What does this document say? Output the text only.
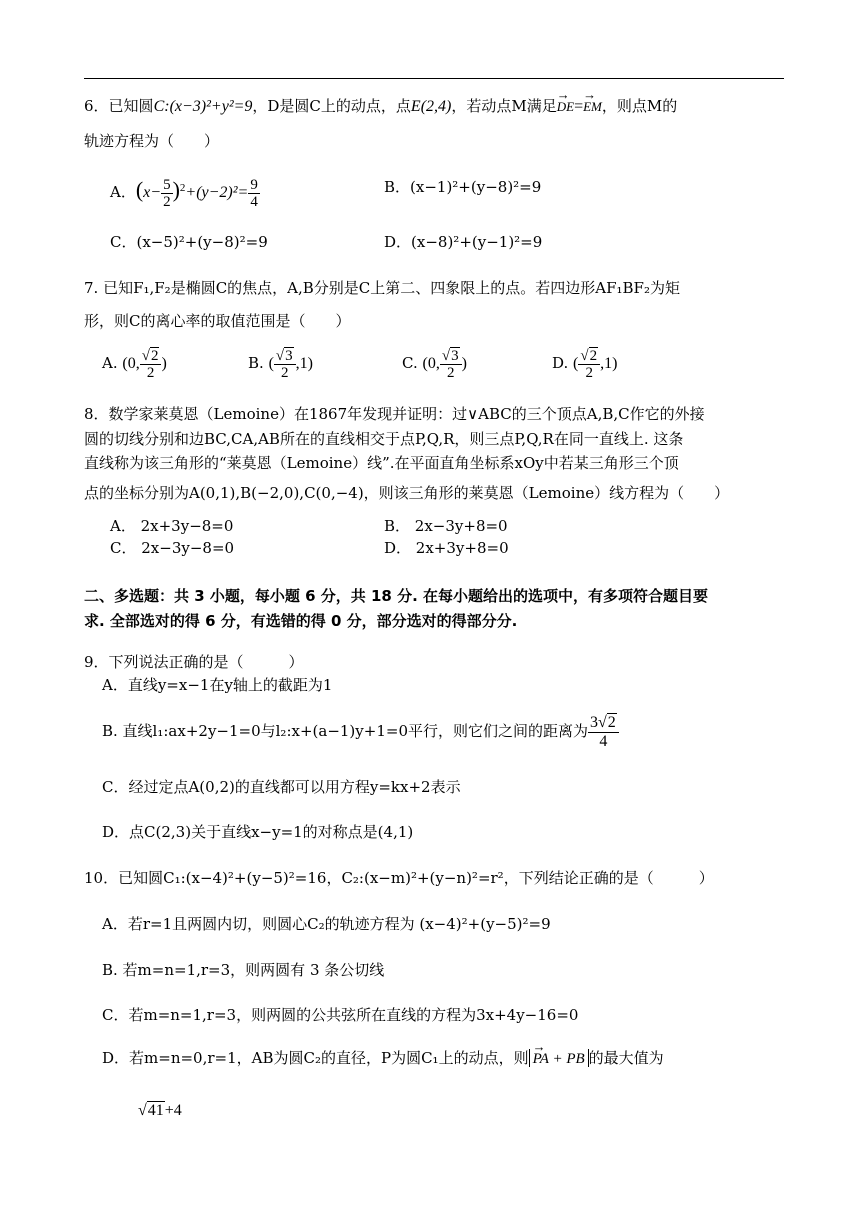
6．已知圆C:(x−3)²+y²=9，D是圆C上的动点，点E(2,4)，若动点M满足→ DE=→ EM，则点M的
轨迹方程为（　　）
A．$(x- \frac{5}{2} )^2+(y-2)^2= \frac{9}{4}$	B．(x−1)²+(y−8)²=9
C．(x−5)²+(y−8)²=9	D．(x−8)²+(y−1)²=9
7. 已知F₁,F₂是椭圆C的焦点，A,B分别是C上第二、四象限上的点。若四边形AF₁BF₂为矩
形，则C的离心率的取值范围是（　　）
A. (0, $\frac{√2}{2}$ )	B. ( $\frac{√3}{2} ,1$)	C. (0, $\frac{√3}{2}$ )	D. ( $\frac{√2}{2} ,1$)
8．数学家莱莫恩（Lemoine）在1867年发现并证明：过∨ABC的三个顶点A,B,C作它的外接
圆的切线分别和边BC,CA,AB所在的直线相交于点P,Q,R，则三点P,Q,R在同一直线上. 这条
直线称为该三角形的“莱莫恩（Lemoine）线”.在平面直角坐标系xOy中若某三角形三个顶
点的坐标分别为A(0,1),B(−2,0),C(0,−4)，则该三角形的莱莫恩（Lemoine）线方程为（　　）
A． 2x+3y−8=0	B． 2x−3y+8=0
C． 2x−3y−8=0	D． 2x+3y+8=0
二、多选题：共 3 小题，每小题 6 分，共 18 分. 在每小题给出的选项中，有多项符合题目要
求. 全部选对的得 6 分，有选错的得 0 分，部分选对的得部分分.
9．下列说法正确的是（　　　）
A．直线y=x−1在y轴上的截距为1
B. 直线l₁:ax+2y−1=0与l₂:x+(a−1)y+1=0平行，则它们之间的距离为 $\frac{3√2}{4}$
C．经过定点A(0,2)的直线都可以用方程y=kx+2表示
D．点C(2,3)关于直线x−y=1的对称点是(4,1)
10．已知圆C₁:(x−4)²+(y−5)²=16，C₂:(x−m)²+(y−n)²=r²，下列结论正确的是（　　　）
A．若r=1且两圆内切，则圆心C₂的轨迹方程为 (x−4)²+(y−5)²=9
B. 若m=n=1,r=3，则两圆有 3 条公切线
C．若m=n=1,r=3，则两圆的公共弦所在直线的方程为3x+4y−16=0
D．若m=n=0,r=1，AB为圆C₂的直径，P为圆C₁上的动点，则→ PA + PB 的最大值为
√41+4
